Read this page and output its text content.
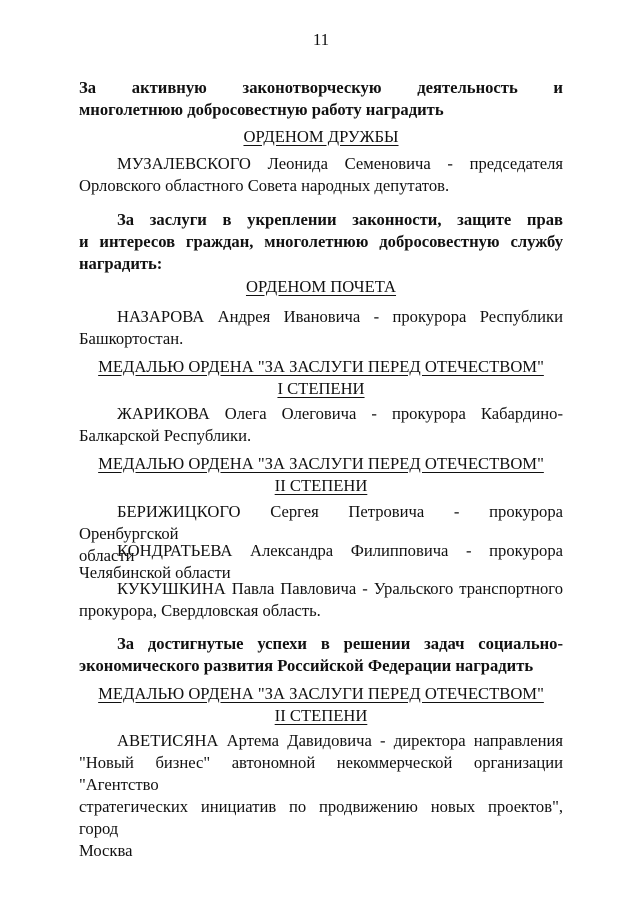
11
За активную законотворческую деятельность и
многолетнюю добросовестную работу наградить
ОРДЕНОМ ДРУЖБЫ
МУЗАЛЕВСКОГО Леонида Семеновича - председателя
Орловского областного Совета народных депутатов.
За заслуги в укреплении законности, защите прав
и интересов граждан, многолетнюю добросовестную службу
наградить:
ОРДЕНОМ ПОЧЕТА
НАЗАРОВА Андрея Ивановича - прокурора Республики
Башкортостан.
МЕДАЛЬЮ ОРДЕНА "ЗА ЗАСЛУГИ ПЕРЕД ОТЕЧЕСТВОМ"
I СТЕПЕНИ
ЖАРИКОВА Олега Олеговича - прокурора Кабардино-
Балкарской Республики.
МЕДАЛЬЮ ОРДЕНА "ЗА ЗАСЛУГИ ПЕРЕД ОТЕЧЕСТВОМ"
II СТЕПЕНИ
БЕРИЖИЦКОГО Сергея Петровича - прокурора Оренбургской
области
КОНДРАТЬЕВА Александра Филипповича - прокурора
Челябинской области
КУКУШКИНА Павла Павловича - Уральского транспортного
прокурора, Свердловская область.
За достигнутые успехи в решении задач социально-
экономического развития Российской Федерации наградить
МЕДАЛЬЮ ОРДЕНА "ЗА ЗАСЛУГИ ПЕРЕД ОТЕЧЕСТВОМ"
II СТЕПЕНИ
АВЕТИСЯНА Артема Давидовича - директора направления
"Новый бизнес" автономной некоммерческой организации "Агентство
стратегических инициатив по продвижению новых проектов", город
Москва
